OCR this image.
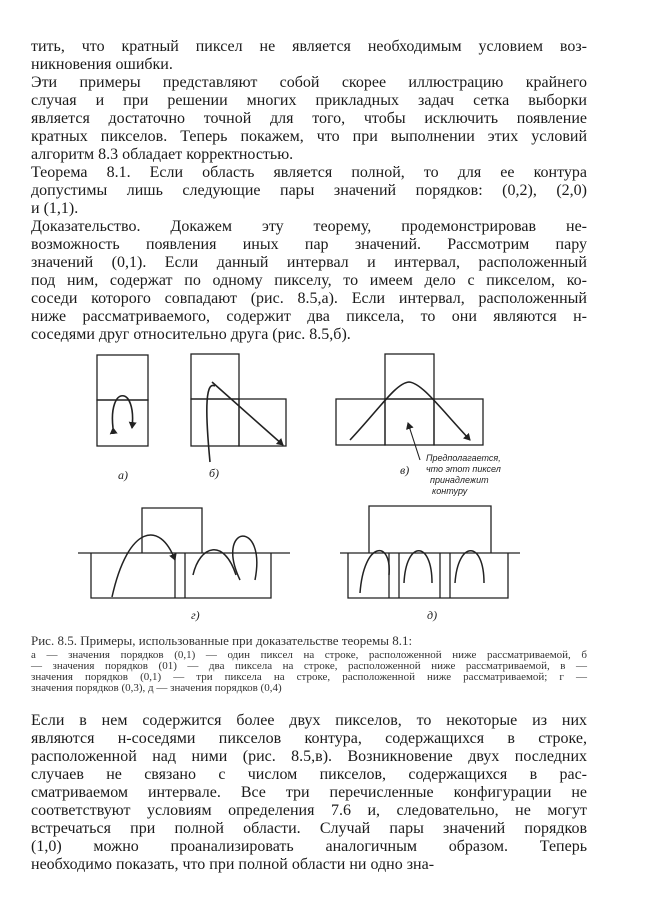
тить, что кратный пиксел не является необходимым условием воз-
никновения ошибки.
Эти примеры представляют собой скорее иллюстрацию крайнего
случая и при решении многих прикладных задач сетка выборки
является достаточно точной для того, чтобы исключить появление
кратных пикселов. Теперь покажем, что при выполнении этих условий
алгоритм 8.3 обладает корректностью.
Теорема 8.1. Если область является полной, то для ее контура
допустимы лишь следующие пары значений порядков: (0,2), (2,0)
и (1,1).
Доказательство. Докажем эту теорему, продемонстрировав не-
возможность появления иных пар значений. Рассмотрим пару
значений (0,1). Если данный интервал и интервал, расположенный
под ним, содержат по одному пикселу, то имеем дело с пикселом, ко-
соседи которого совпадают (рис. 8.5,а). Если интервал, расположенный
ниже рассматриваемого, содержит два пиксела, то они являются н-
соседями друг относительно друга (рис. 8.5,б).
а)	б)	в)
г)	д)
Предполагается,
что этот пиксел
принадлежит
контуру
Рис. 8.5. Примеры, использованные при доказательстве теоремы 8.1:
а — значения порядков (0,1) — один пиксел на строке, расположенной ниже рассматриваемой, б
— значения порядков (01) — два пиксела на строке, расположенной ниже рассматриваемой, в —
значения порядков (0,1) — три пиксела на строке, расположенной ниже рассматриваемой; г —
значения порядков (0,3), д — значения порядков (0,4)
Если в нем содержится более двух пикселов, то некоторые из них
являются н-соседями пикселов контура, содержащихся в строке,
расположенной над ними (рис. 8.5,в). Возникновение двух последних
случаев не связано с числом пикселов, содержащихся в рас-
сматриваемом интервале. Все три перечисленные конфигурации не
соответствуют условиям определения 7.6 и, следовательно, не могут
встречаться при полной области. Случай пары значений порядков
(1,0) можно проанализировать аналогичным образом. Теперь
необходимо показать, что при полной области ни одно зна-
